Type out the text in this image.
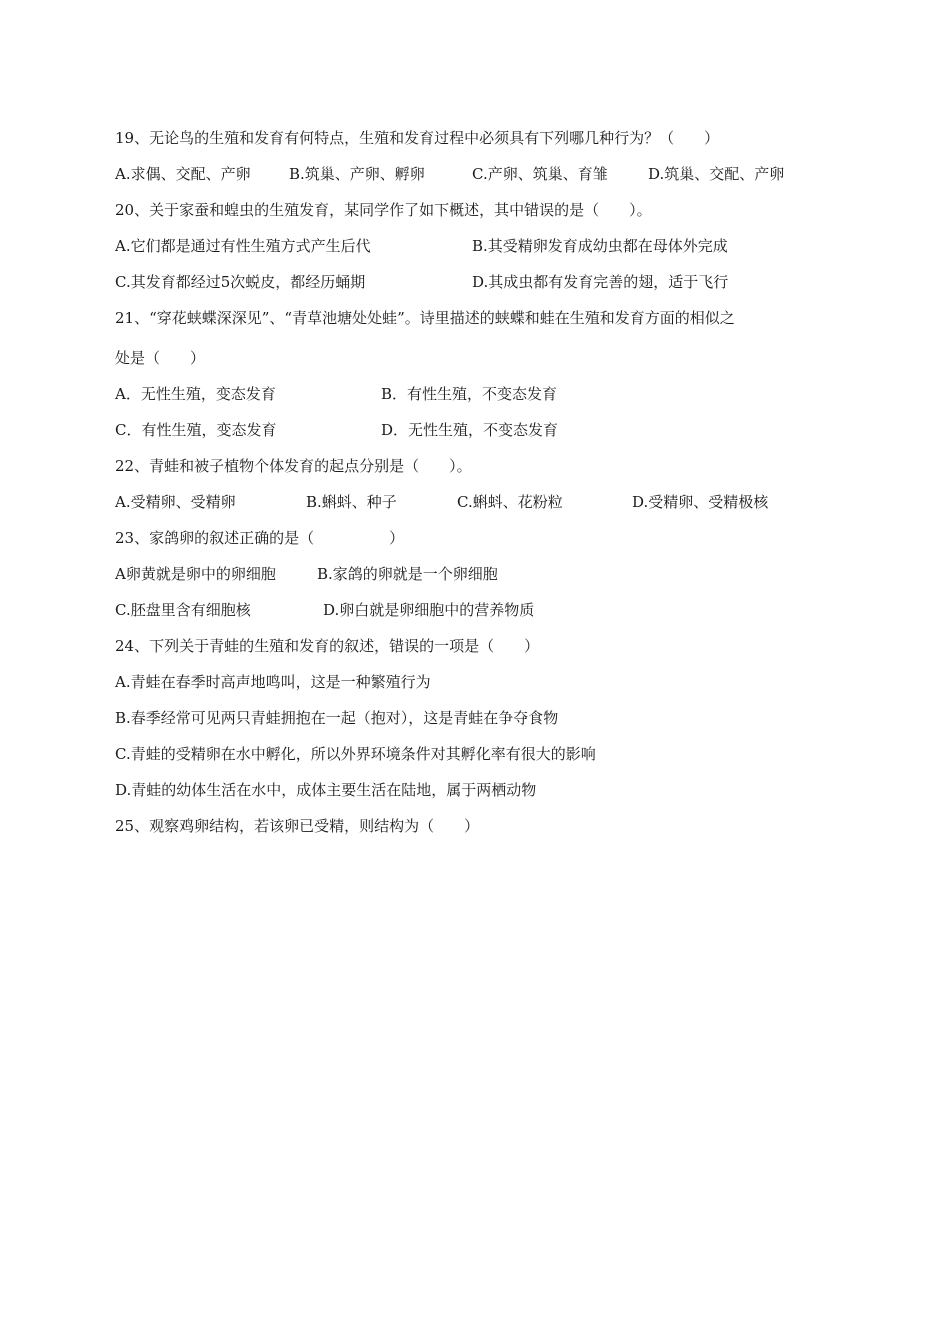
19、无论鸟的生殖和发育有何特点，生殖和发育过程中必须具有下列哪几种行为？（　　）
A.求偶、交配、产卵	B.筑巢、产卵、孵卵	C.产卵、筑巢、育雏	D.筑巢、交配、产卵
20、关于家蚕和蝗虫的生殖发育，某同学作了如下概述，其中错误的是（　　）。
A.它们都是通过有性生殖方式产生后代	B.其受精卵发育成幼虫都在母体外完成
C.其发育都经过5次蜕皮，都经历蛹期	D.其成虫都有发育完善的翅，适于飞行
21、“穿花蛱蝶深深见”、“青草池塘处处蛙”。诗里描述的蛱蝶和蛙在生殖和发育方面的相似之
处是（　　）
A．无性生殖，变态发育	B．有性生殖，不变态发育
C．有性生殖，变态发育	D．无性生殖，不变态发育
22、青蛙和被子植物个体发育的起点分别是（　　）。
A.受精卵、受精卵	B.蝌蚪、种子	C.蝌蚪、花粉粒	D.受精卵、受精极核
23、家鸽卵的叙述正确的是（　　　　　）
A卵黄就是卵中的卵细胞	B.家鸽的卵就是一个卵细胞
C.胚盘里含有细胞核	D.卵白就是卵细胞中的营养物质
24、下列关于青蛙的生殖和发育的叙述，错误的一项是（　　）
A.青蛙在春季时高声地鸣叫，这是一种繁殖行为
B.春季经常可见两只青蛙拥抱在一起（抱对），这是青蛙在争夺食物
C.青蛙的受精卵在水中孵化，所以外界环境条件对其孵化率有很大的影响
D.青蛙的幼体生活在水中，成体主要生活在陆地，属于两栖动物
25、观察鸡卵结构，若该卵已受精，则结构为（　　）
